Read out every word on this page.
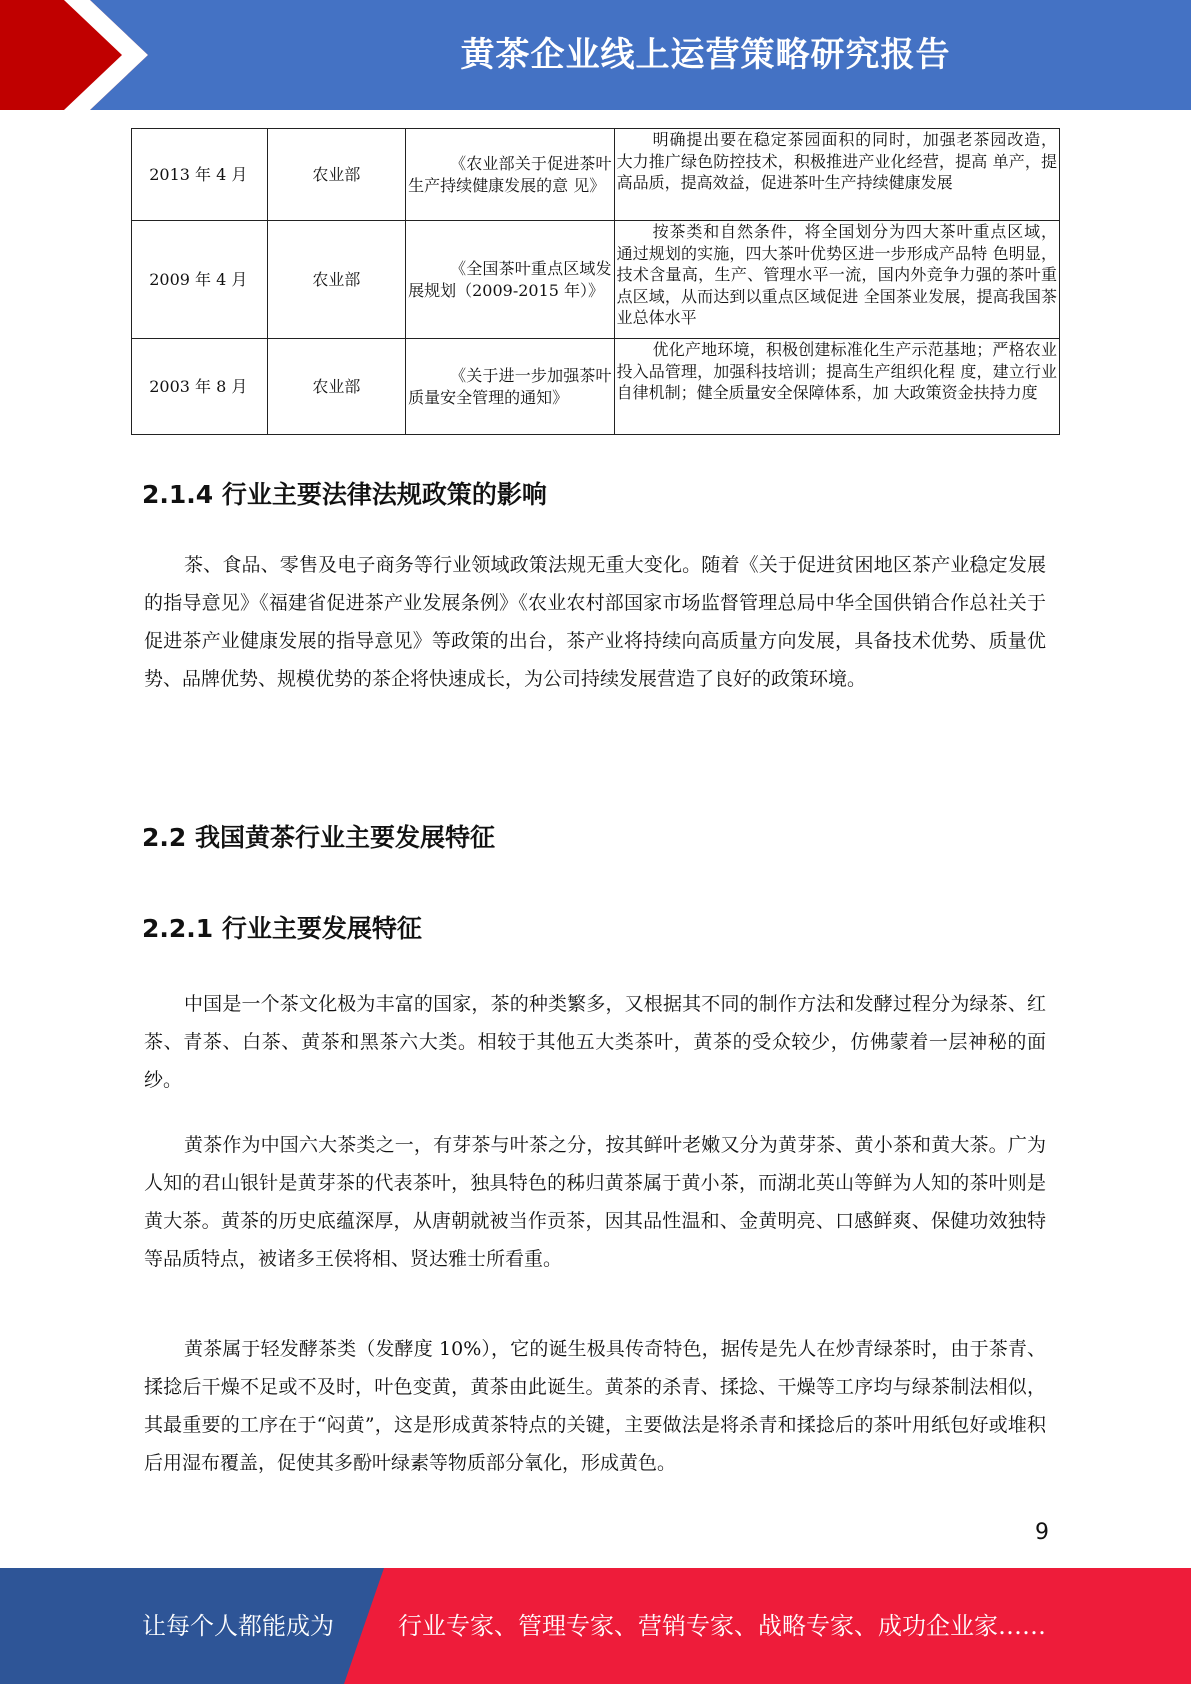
黄茶企业线上运营策略研究报告
2013 年 4 月	农业部	《农业部关于促进茶叶 生产持续健康发展的意 见》	明确提出要在稳定茶园面积的同时，加强老茶园改造， 大力推广绿色防控技术，积极推进产业化经营，提高 单产，提高品质，提高效益，促进茶叶生产持续健康发展
2009 年 4 月	农业部	《全国茶叶重点区域发 展规划（2009-2015 年）》	按茶类和自然条件，将全国划分为四大茶叶重点区域， 通过规划的实施，四大茶叶优势区进一步形成产品特 色明显，技术含量高，生产、管理水平一流，国内外竞争力强的茶叶重点区域，从而达到以重点区域促进 全国茶业发展，提高我国茶业总体水平
2003 年 8 月	农业部	《关于进一步加强茶叶 质量安全管理的通知》	优化产地环境，积极创建标准化生产示范基地；严格农业投入品管理，加强科技培训；提高生产组织化程 度，建立行业自律机制；健全质量安全保障体系，加 大政策资金扶持力度
2.1.4 行业主要法律法规政策的影响
茶、食品、零售及电子商务等行业领域政策法规无重大变化。随着《关于促进贫困地区茶产业稳定发展的指导意见》《福建省促进茶产业发展条例》《农业农村部国家市场监督管理总局中华全国供销合作总社关于促进茶产业健康发展的指导意见》等政策的出台，茶产业将持续向高质量方向发展，具备技术优势、质量优势、品牌优势、规模优势的茶企将快速成长，为公司持续发展营造了良好的政策环境。
2.2 我国黄茶行业主要发展特征
2.2.1 行业主要发展特征
中国是一个茶文化极为丰富的国家，茶的种类繁多，又根据其不同的制作方法和发酵过程分为绿茶、红茶、青茶、白茶、黄茶和黑茶六大类。相较于其他五大类茶叶，黄茶的受众较少，仿佛蒙着一层神秘的面纱。
黄茶作为中国六大茶类之一，有芽茶与叶茶之分，按其鲜叶老嫩又分为黄芽茶、黄小茶和黄大茶。广为人知的君山银针是黄芽茶的代表茶叶，独具特色的秭归黄茶属于黄小茶，而湖北英山等鲜为人知的茶叶则是黄大茶。黄茶的历史底蕴深厚，从唐朝就被当作贡茶，因其品性温和、金黄明亮、口感鲜爽、保健功效独特等品质特点，被诸多王侯将相、贤达雅士所看重。
黄茶属于轻发酵茶类（发酵度 10%），它的诞生极具传奇特色，据传是先人在炒青绿茶时，由于茶青、揉捻后干燥不足或不及时，叶色变黄，黄茶由此诞生。黄茶的杀青、揉捻、干燥等工序均与绿茶制法相似，其最重要的工序在于“闷黄”，这是形成黄茶特点的关键，主要做法是将杀青和揉捻后的茶叶用纸包好或堆积后用湿布覆盖，促使其多酚叶绿素等物质部分氧化，形成黄色。
9
让每个人都能成为	行业专家、管理专家、营销专家、战略专家、成功企业家……
